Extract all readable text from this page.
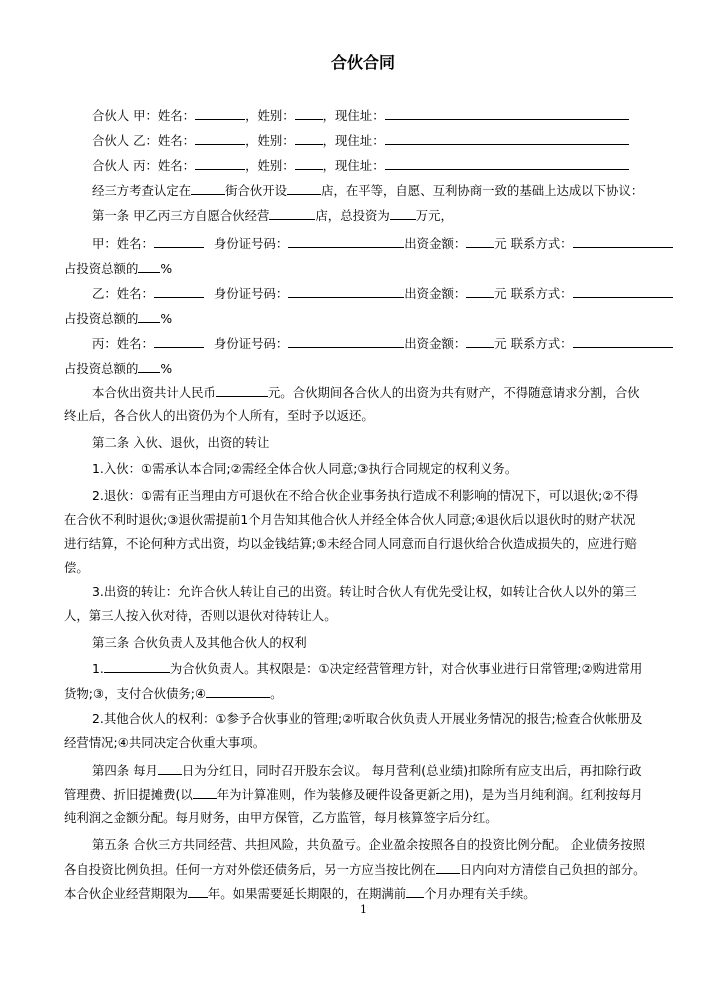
合伙合同
合伙人 甲：姓名：	，姓别： ，现住址：
合伙人 乙：姓名：	，姓别： ，现住址：
合伙人 丙：姓名：	，姓别： ，现住址：
经三方考查认定在	街合伙开设	店，在平等，自愿、互利协商一致的基础上达成以下协议：
第一条 甲乙丙三方自愿合伙经营	店，总投资为 万元，
甲：姓名：	身份证号码：	出资金额： 元 联系方式：
占投资总额的 %
乙：姓名：	身份证号码：	出资金额： 元 联系方式：
占投资总额的 %
丙：姓名：	身份证号码：	出资金额： 元 联系方式：
占投资总额的 %
本合伙出资共计人民币	元。合伙期间各合伙人的出资为共有财产，不得随意请求分割，合伙
终止后，各合伙人的出资仍为个人所有，至时予以返还。
第二条 入伙、退伙，出资的转让
1.入伙：①需承认本合同;②需经全体合伙人同意;③执行合同规定的权利义务。
2.退伙：①需有正当理由方可退伙在不给合伙企业事务执行造成不利影响的情况下，可以退伙;②不得
在合伙不利时退伙;③退伙需提前1个月告知其他合伙人并经全体合伙人同意;④退伙后以退伙时的财产状况
进行结算，不论何种方式出资，均以金钱结算;⑤未经合同人同意而自行退伙给合伙造成损失的，应进行赔
偿。
3.出资的转让：允许合伙人转让自己的出资。转让时合伙人有优先受让权，如转让合伙人以外的第三
人，第三人按入伙对待，否则以退伙对待转让人。
第三条 合伙负责人及其他合伙人的权利
1.	为合伙负责人。其权限是：①决定经营管理方针，对合伙事业进行日常管理;②购进常用
货物;③，支付合伙债务;④	。
2.其他合伙人的权利：①参予合伙事业的管理;②听取合伙负责人开展业务情况的报告;检查合伙帐册及
经营情况;④共同决定合伙重大事项。
第四条 每月 日为分红日，同时召开股东会议。 每月营利(总业绩)扣除所有应支出后，再扣除行政
管理费、折旧提摊费(以 年为计算准则，作为装修及硬件设备更新之用)，是为当月纯利润。红利按每月
纯利润之金额分配。每月财务，由甲方保管，乙方监管，每月核算签字后分红。
第五条 合伙三方共同经营、共担风险，共负盈亏。企业盈余按照各自的投资比例分配。 企业债务按照
各自投资比例负担。任何一方对外偿还债务后，另一方应当按比例在 日内向对方清偿自己负担的部分。
本合伙企业经营期限为 年。如果需要延长期限的，在期满前 个月办理有关手续。
1
